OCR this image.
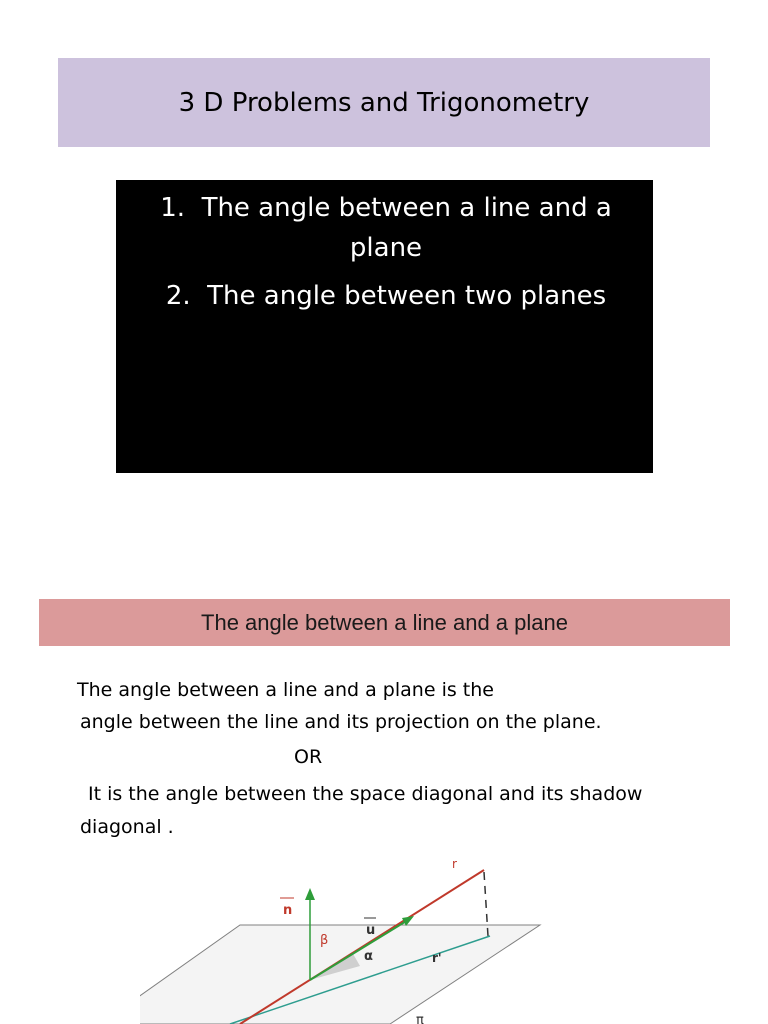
3 D Problems and Trigonometry
1. The angle between a line and a plane
2. The angle between two planes
The angle between a line and a plane
The angle between a line and a plane is the
angle between the line and its projection on the plane.
OR
It is the angle between the space diagonal and its shadow
diagonal .
r
r'
n
u
β
α
π
